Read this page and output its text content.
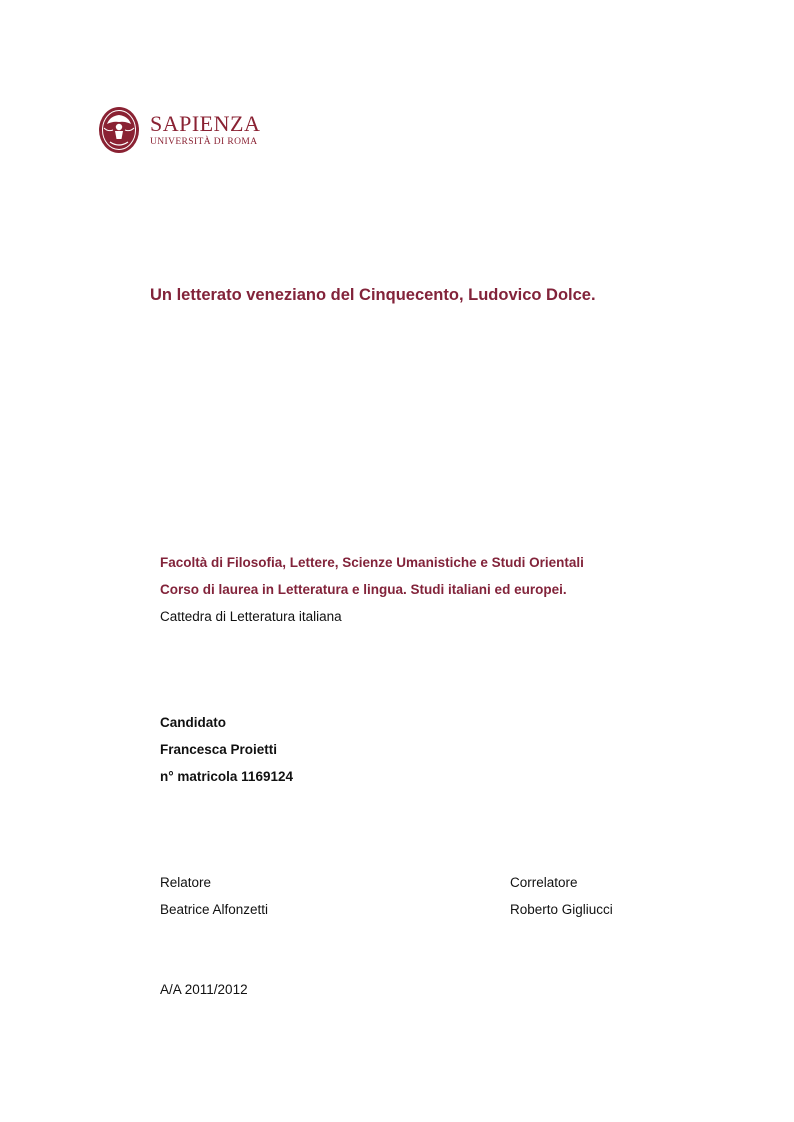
SAPIENZA
UNIVERSITÀ DI ROMA
Un letterato veneziano del Cinquecento, Ludovico Dolce.
Facoltà di Filosofia, Lettere, Scienze Umanistiche e Studi Orientali
Corso di laurea in Letteratura e lingua. Studi italiani ed europei.
Cattedra di Letteratura italiana
Candidato
Francesca Proietti
n° matricola 1169124
Relatore
Beatrice Alfonzetti
Correlatore
Roberto Gigliucci
A/A 2011/2012
